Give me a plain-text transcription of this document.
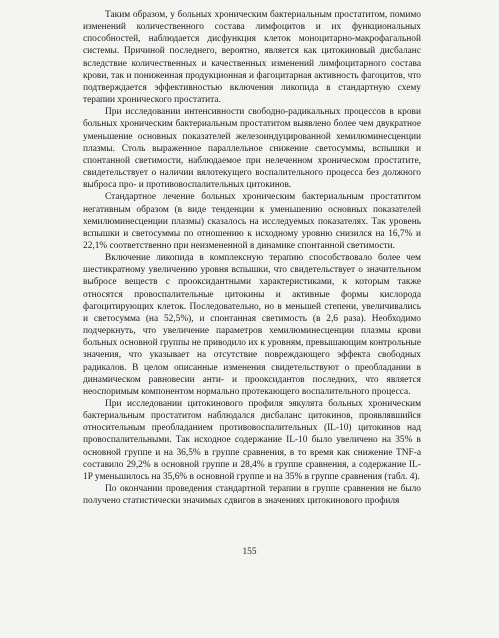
Таким образом, у больных хроническим бактериальным простатитом, помимо изменений количественного состава лимфоцитов и их функциональных способностей, наблюдается дисфункция клеток моноцитарно-макрофагальной системы. Причиной последнего, вероятно, является как цитокиновый дисбаланс вследствие количественных и качественных изменений лимфоцитарного состава крови, так и пониженная продукционная и фагоцитарная активность фагоцитов, что подтверждается эффективностью включения ликопида в стандартную схему терапии хронического простатита.

При исследовании интенсивности свободно-радикальных процессов в крови больных хроническим бактериальным простатитом выявлено более чем двукратное уменьшение основных показателей железоиндуцированной хемилюминесценции плазмы. Столь выраженное параллельное снижение светосуммы, вспышки и спонтанной светимости, наблюдаемое при нелеченном хроническом простатите, свидетельствует о наличии вялотекущего воспалительного процесса без должного выброса про- и противовоспалительных цитокинов.

Стандартное лечение больных хроническим бактериальным простатитом негативным образом (в виде тенденции к уменьшению основных показателей хемилюминесценции плазмы) сказалось на исследуемых показателях. Так уровень вспышки и светосуммы по отношению к исходному уровню снизился на 16,7% и 22,1% соответственно при неизмененной в динамике спонтанной светимости.

Включение ликопида в комплексную терапию способствовало более чем шестикратному увеличению уровня вспышки, что свидетельствует о значительном выбросе веществ с прооксидантными характеристиками, к которым также относятся провоспалительные цитокины и активные формы кислорода фагоцитирующих клеток. Последовательно, но в меньшей степени, увеличивались и светосумма (на 52,5%), и спонтанная светимость (в 2,6 раза). Необходимо подчеркнуть, что увеличение параметров хемилюминесценции плазмы крови больных основной группы не приводило их к уровням, превышающим контрольные значения, что указывает на отсутствие повреждающего эффекта свободных радикалов. В целом описанные изменения свидетельствуют о преобладании в динамическом равновесии анти- и прооксидантов последних, что является неоспоримым компонентом нормально протекающего воспалительного процесса.

При исследовании цитокинового профиля эякулята больных хроническим бактериальным простатитом наблюдался дисбаланс цитокинов, проявлявшийся относительным преобладанием противовоспалительных (IL-10) цитокинов над провоспалительными. Так исходное содержание IL-10 было увеличено на 35% в основной группе и на 36,5% в группе сравнения, в то время как снижение TNF-a составило 29,2% в основной группе и 28,4% в группе сравнения, а содержание IL-1P уменьшилось на 35,6% в основной группе и на 35% в группе сравнения (табл. 4).

По окончании проведения стандартной терапии в группе сравнения не было получено статистически значимых сдвигов в значениях цитокинового профиля

155
